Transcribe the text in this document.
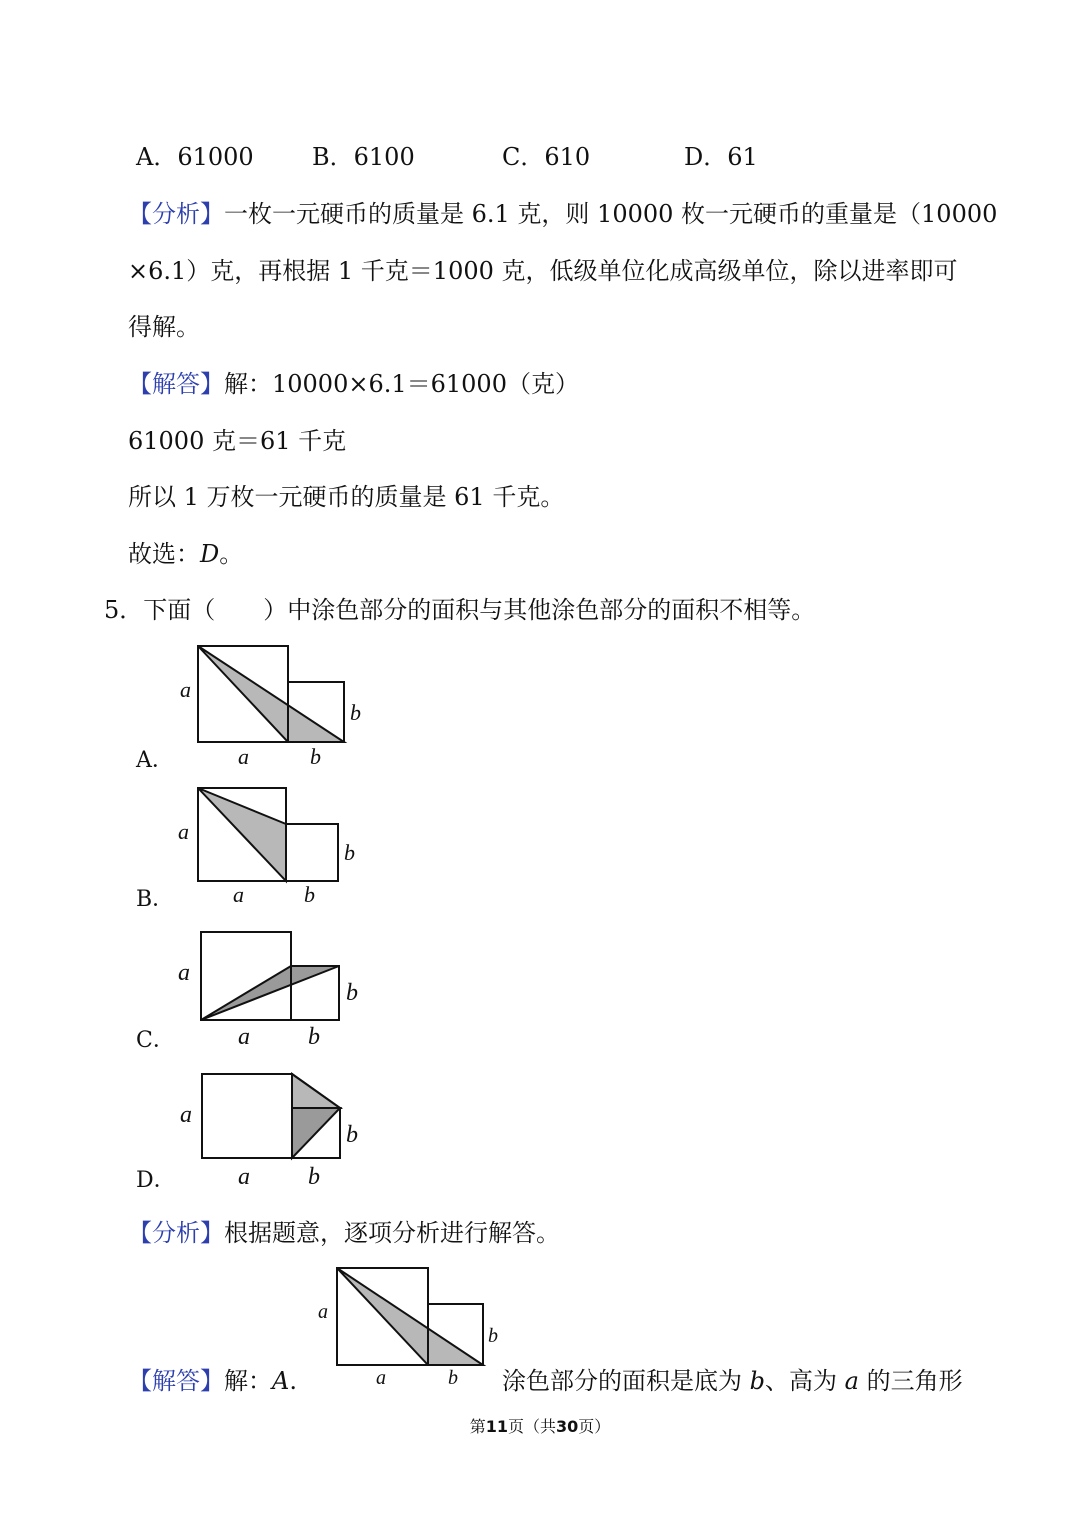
A．61000 B．6100	C．610	D．61
【分析】一枚一元硬币的质量是 6.1 克，则 10000 枚一元硬币的重量是（10000
×6.1）克，再根据 1 千克＝1000 克，低级单位化成高级单位，除以进率即可
得解。
【解答】解：10000×6.1＝61000（克）
61000 克＝61 千克
所以 1 万枚一元硬币的质量是 61 千克。
故选：D。
5．下面（　　）中涂色部分的面积与其他涂色部分的面积不相等。
a
b
a	b
A．
a
b
a	b
B．
a
b
a b
C．
a
b
a b
D．
【分析】根据题意，逐项分析进行解答。
a
b
a	b
【解答】解：A.	涂色部分的面积是底为 b、高为 a 的三角形
第11页（共30页）
